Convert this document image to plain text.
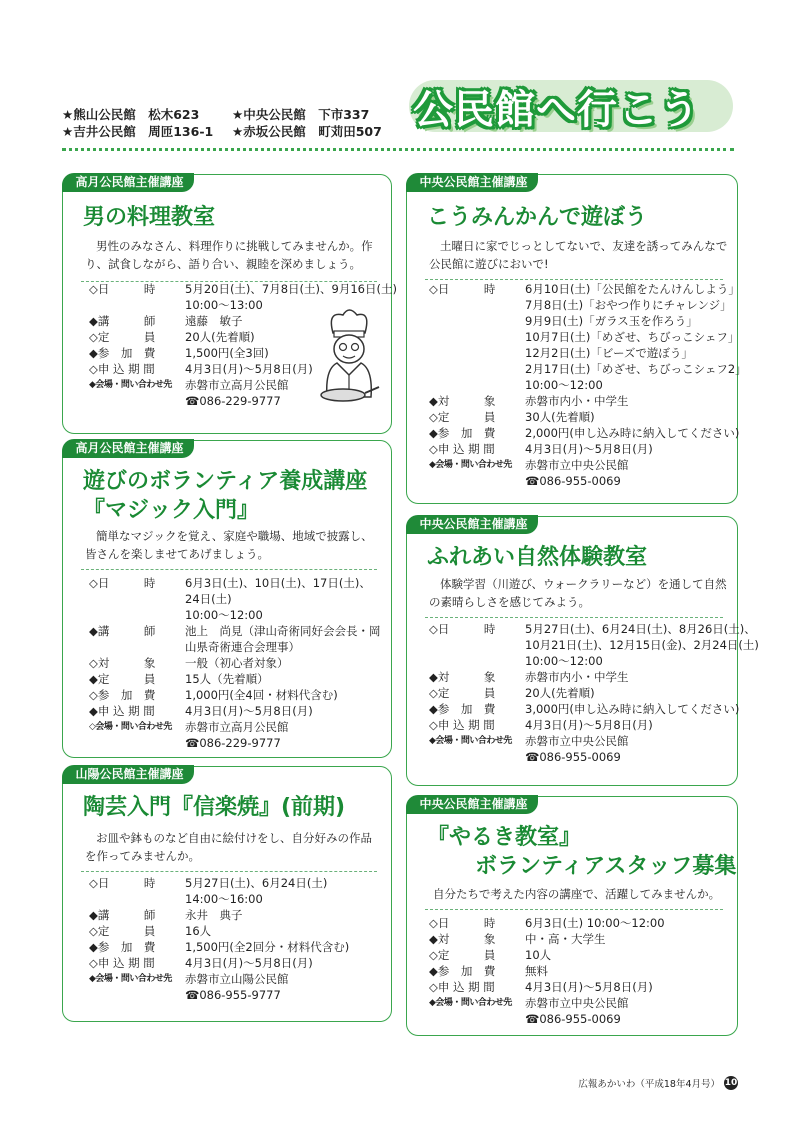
★熊山公民館　 松木623	★中央公民館　 下市337
★吉井公民館　 周匝136-1	★赤坂公民館　 町苅田507 公民館へ行こう
高月公民館主催講座
男の料理教室

男性のみなさん、料理作りに挑戦してみませんか。作り、試食しながら、語り合い、親睦を深めましょう。

◇日　　　時	5月20日(土)、7月8日(土)、9月16日(土)
10:00～13:00
◆講　　　師	遠藤　敏子
◇定　　　員	20人(先着順)
◆参　加　費	1,500円(全3回)
◇申 込 期 間	4月3日(月)～5月8日(月)
◆会場・問い合わせ先	赤磐市立高月公民館
☎086-229-9777
高月公民館主催講座
遊びのボランティア養成講座
『マジック入門』

簡単なマジックを覚え、家庭や職場、地域で披露し、皆さんを楽しませてあげましょう。

◇日　　　時	6月3日(土)、10日(土)、17日(土)、24日(土)
10:00～12:00
◆講　　　師	池上　尚見（津山奇術同好会会長・岡山県奇術連合会理事）
◇対　　　象	一般（初心者対象）
◆定　　　員	15人（先着順）
◇参　加　費	1,000円(全4回・材料代含む)
◆申 込 期 間	4月3日(月)～5月8日(月)
◇会場・問い合わせ先	赤磐市立高月公民館
☎086-229-9777
山陽公民館主催講座
陶芸入門『信楽焼』(前期)

お皿や鉢ものなど自由に絵付けをし、自分好みの作品を作ってみませんか。

◇日　　　時	5月27日(土)、6月24日(土)
14:00～16:00
◆講　　　師	永井　典子
◇定　　　員	16人
◆参　加　費	1,500円(全2回分・材料代含む)
◇申 込 期 間	4月3日(月)～5月8日(月)
◆会場・問い合わせ先	赤磐市立山陽公民館
☎086-955-9777
中央公民館主催講座
こうみんかんで遊ぼう

土曜日に家でじっとしてないで、友達を誘ってみんなで公民館に遊びにおいで!

◇日　　　時	6月10日(土)「公民館をたんけんしよう」
7月8日(土)「おやつ作りにチャレンジ」
9月9日(土)「ガラス玉を作ろう」
10月7日(土)「めざせ、ちびっこシェフ」
12月2日(土)「ビーズで遊ぼう」
2月17日(土)「めざせ、ちびっこシェフ2」
10:00～12:00
◆対　　　象	赤磐市内小・中学生
◇定　　　員	30人(先着順)
◆参　加　費	2,000円(申し込み時に納入してください)
◇申 込 期 間	4月3日(月)～5月8日(月)
◆会場・問い合わせ先	赤磐市立中央公民館
☎086-955-0069
中央公民館主催講座
ふれあい自然体験教室

体験学習（川遊び、ウォークラリーなど）を通して自然の素晴らしさを感じてみよう。

◇日　　　時	5月27日(土)、6月24日(土)、8月26日(土)、
10月21日(土)、12月15日(金)、2月24日(土)
10:00～12:00
◆対　　　象	赤磐市内小・中学生
◇定　　　員	20人(先着順)
◆参　加　費	3,000円(申し込み時に納入してください)
◇申 込 期 間	4月3日(月)～5月8日(月)
◆会場・問い合わせ先	赤磐市立中央公民館
☎086-955-0069
中央公民館主催講座
『やるき教室』
ボランティアスタッフ募集

自分たちで考えた内容の講座で、活躍してみませんか。

◇日　　　時	6月3日(土) 10:00～12:00
◆対　　　象	中・高・大学生
◇定　　　員	10人
◆参　加　費	無料
◇申 込 期 間	4月3日(月)～5月8日(月)
◆会場・問い合わせ先	赤磐市立中央公民館
☎086-955-0069
広報あかいわ（平成18年4月号） 10
